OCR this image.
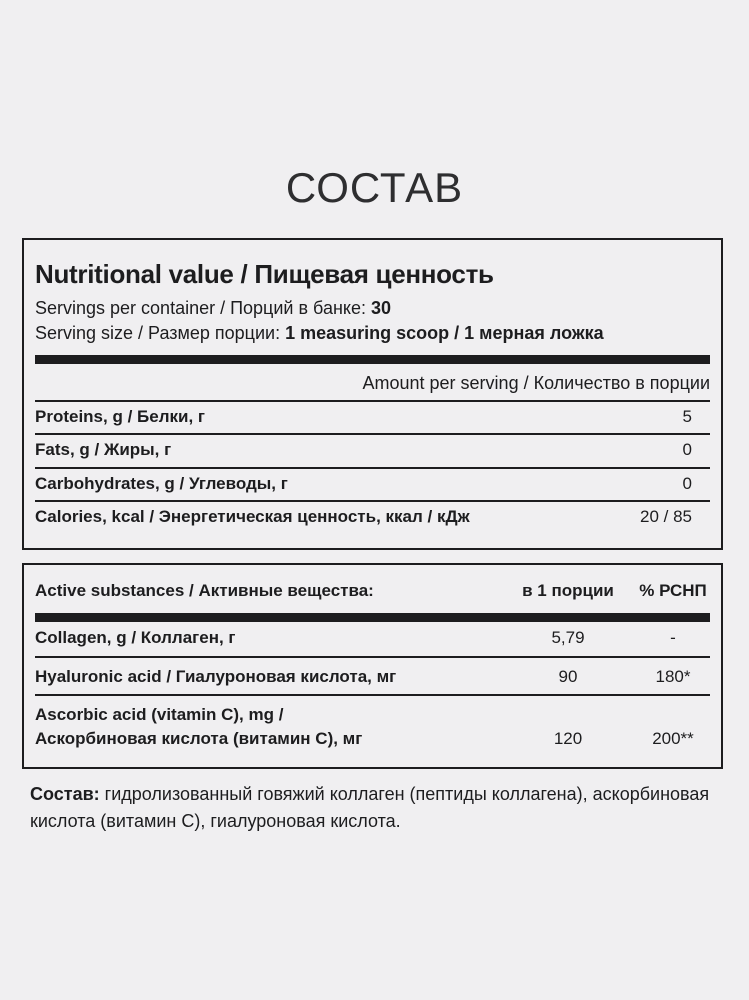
СОСТАВ
Nutritional value / Пищевая ценность
Servings per container / Порций в банке: 30
Serving size / Размер порции: 1 measuring scoop / 1 мерная ложка
Amount per serving / Количество в порции
Proteins, g / Белки, г	5
Fats, g / Жиры, г	0
Carbohydrates, g / Углеводы, г	0
Calories, kcal / Энергетическая ценность, ккал / кДж	20 / 85
Active substances / Активные вещества:	в 1 порции	% РСНП
Collagen, g / Коллаген, г	5,79	-
Hyaluronic acid / Гиалуроновая кислота, мг	90	180*
Ascorbic acid (vitamin C), mg /
Аскорбиновая кислота (витамин С), мг	120	200**
Состав: гидролизованный говяжий коллаген (пептиды коллагена), аскорбиновая кислота (витамин С), гиалуроновая кислота.
